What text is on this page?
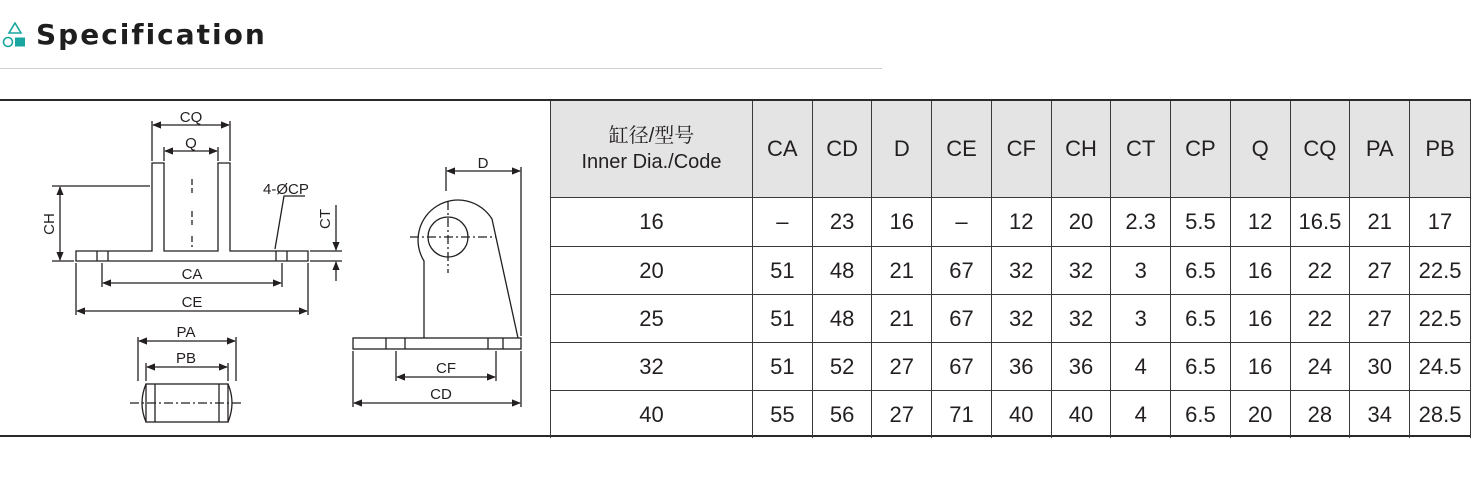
Specification
CQ
Q
CH
4-ØCP
CT
CA
CE
PA
PB
D
CF
CD
缸径/型号
Inner Dia./Code	CA	CD	D	CE	CF	CH	CT	CP	Q	CQ	PA	PB
16	–	23	16	–	12	20	2.3	5.5	12	16.5	21	17
20	51	48	21	67	32	32	3	6.5	16	22	27	22.5
25	51	48	21	67	32	32	3	6.5	16	22	27	22.5
32	51	52	27	67	36	36	4	6.5	16	24	30	24.5
40	55	56	27	71	40	40	4	6.5	20	28	34	28.5
